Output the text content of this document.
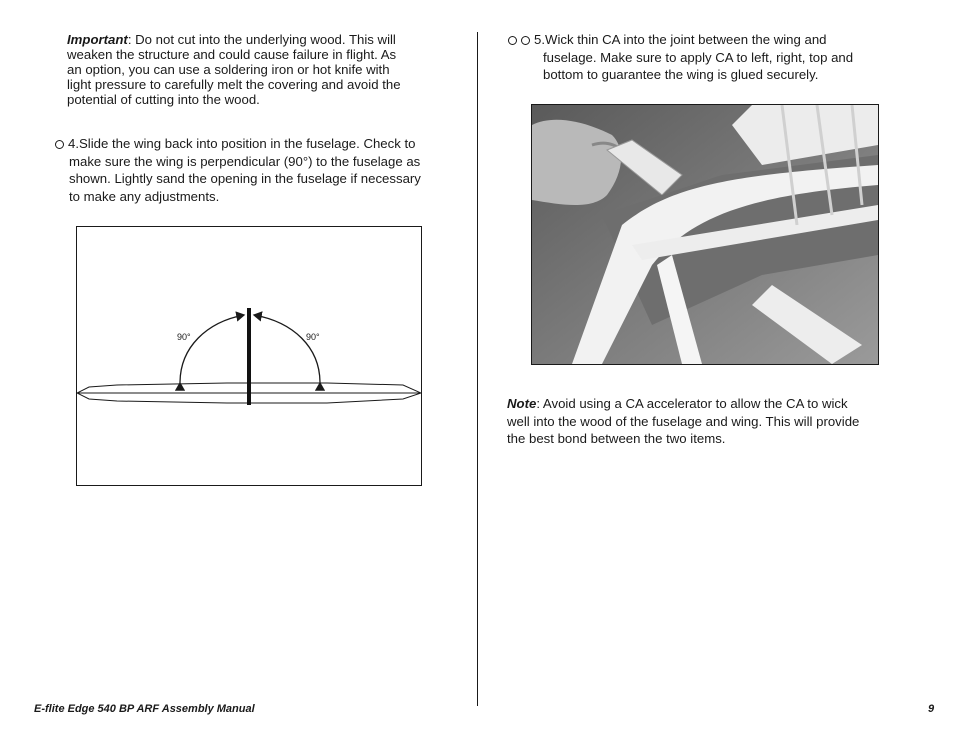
Important: Do not cut into the underlying wood. This will
weaken the structure and could cause failure in flight. As
an option, you can use a soldering iron or hot knife with
light pressure to carefully melt the covering and avoid the
potential of cutting into the wood.
4.Slide the wing back into position in the fuselage. Check to
make sure the wing is perpendicular (90°) to the fuselage as
shown. Lightly sand the opening in the fuselage if necessary
to make any adjustments.
90°	90°
5.Wick thin CA into the joint between the wing and
fuselage. Make sure to apply CA to left, right, top and
bottom to guarantee the wing is glued securely.
Note: Avoid using a CA accelerator to allow the CA to wick
well into the wood of the fuselage and wing. This will provide
the best bond between the two items.
E-flite Edge 540 BP ARF Assembly Manual	9
